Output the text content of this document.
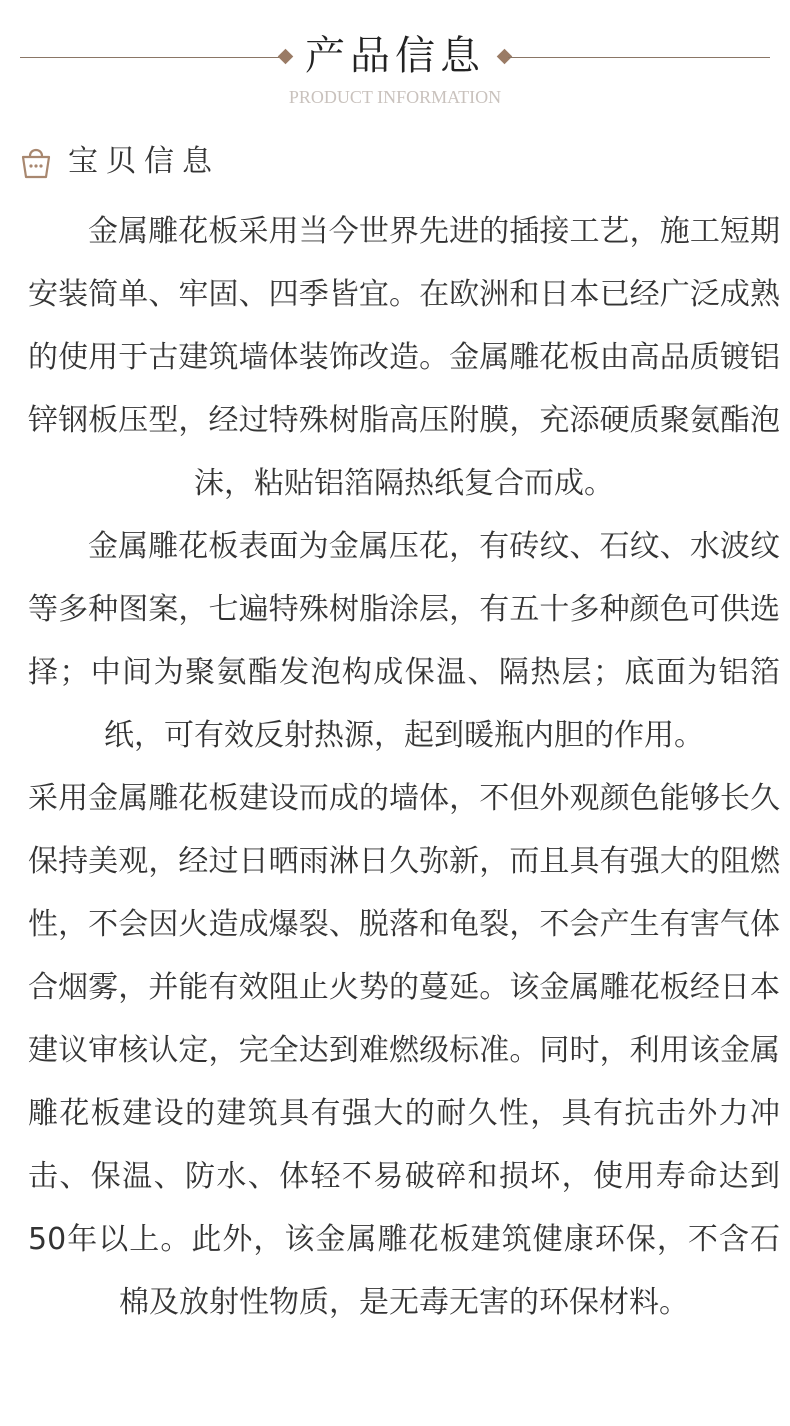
产品信息
PRODUCT INFORMATION
宝贝信息

金属雕花板采用当今世界先进的插接工艺，施工短期安装简单、牢固、四季皆宜。在欧洲和日本已经广泛成熟的使用于古建筑墙体装饰改造。金属雕花板由高品质镀铝锌钢板压型，经过特殊树脂高压附膜，充添硬质聚氨酯泡沫，粘贴铝箔隔热纸复合而成。

金属雕花板表面为金属压花，有砖纹、石纹、水波纹等多种图案，七遍特殊树脂涂层，有五十多种颜色可供选择；中间为聚氨酯发泡构成保温、隔热层；底面为铝箔纸，可有效反射热源，起到暖瓶内胆的作用。

采用金属雕花板建设而成的墙体，不但外观颜色能够长久保持美观，经过日晒雨淋日久弥新，而且具有强大的阻燃性，不会因火造成爆裂、脱落和龟裂，不会产生有害气体合烟雾，并能有效阻止火势的蔓延。该金属雕花板经日本建议审核认定，完全达到难燃级标准。同时，利用该金属雕花板建设的建筑具有强大的耐久性，具有抗击外力冲击、保温、防水、体轻不易破碎和损坏，使用寿命达到50年以上。此外，该金属雕花板建筑健康环保，不含石棉及放射性物质，是无毒无害的环保材料。
